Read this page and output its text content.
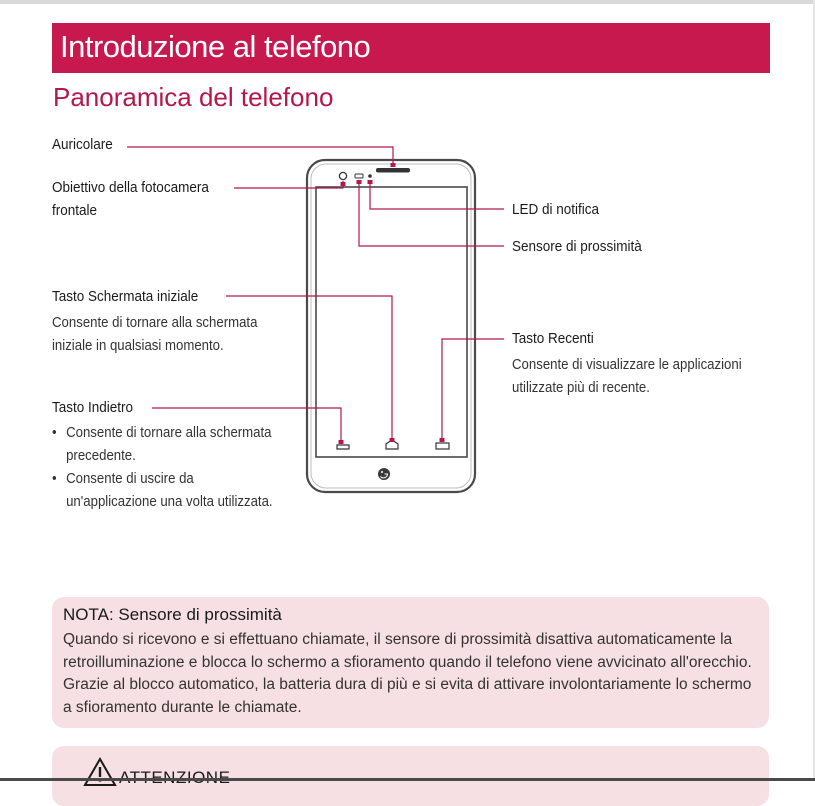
Introduzione al telefono
Panoramica del telefono
Auricolare
Obiettivo della fotocamera
frontale	LED di notifica
Sensore di prossimità
Tasto Schermata iniziale
Consente di tornare alla schermata
iniziale in qualsiasi momento.	Tasto Recenti
Consente di visualizzare le applicazioni
utilizzate più di recente.
Tasto Indietro
• Consente di tornare alla schermata
precedente.
• Consente di uscire da
un'applicazione una volta utilizzata.

NOTA: Sensore di prossimità

Quando si ricevono e si effettuano chiamate, il sensore di prossimità disattiva automaticamente la retroilluminazione e blocca lo schermo a sfioramento quando il telefono viene avvicinato all'orecchio. Grazie al blocco automatico, la batteria dura di più e si evita di attivare involontariamente lo schermo a sfioramento durante le chiamate.
